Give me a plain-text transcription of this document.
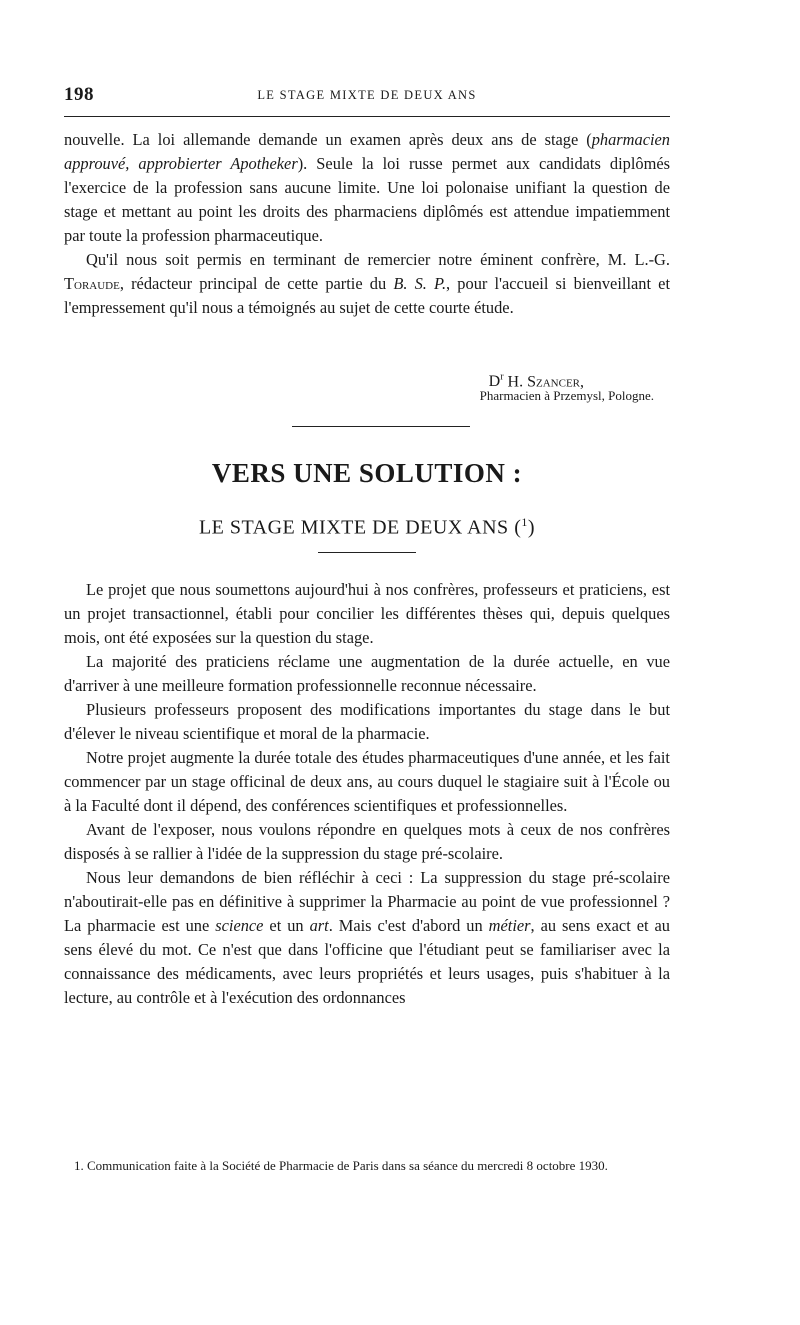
198	LE STAGE MIXTE DE DEUX ANS

nouvelle. La loi allemande demande un examen après deux ans de stage (pharmacien approuvé, approbierter Apotheker). Seule la loi russe permet aux candidats diplômés l'exercice de la profession sans aucune limite. Une loi polonaise unifiant la question de stage et mettant au point les droits des pharmaciens diplômés est attendue impatiemment par toute la profession pharmaceutique.

Qu'il nous soit permis en terminant de remercier notre éminent confrère, M. L.-G. Toraude, rédacteur principal de cette partie du B. S. P., pour l'accueil si bienveillant et l'empressement qu'il nous a témoignés au sujet de cette courte étude.

$D^r$ H. Szancer,
Pharmacien à Przemysl, Pologne.
VERS UNE SOLUTION :
LE STAGE MIXTE DE DEUX ANS ($^1$)

Le projet que nous soumettons aujourd'hui à nos confrères, professeurs et praticiens, est un projet transactionnel, établi pour concilier les différentes thèses qui, depuis quelques mois, ont été exposées sur la question du stage.

La majorité des praticiens réclame une augmentation de la durée actuelle, en vue d'arriver à une meilleure formation professionnelle reconnue nécessaire.

Plusieurs professeurs proposent des modifications importantes du stage dans le but d'élever le niveau scientifique et moral de la pharmacie.

Notre projet augmente la durée totale des études pharmaceutiques d'une année, et les fait commencer par un stage officinal de deux ans, au cours duquel le stagiaire suit à l'École ou à la Faculté dont il dépend, des conférences scientifiques et professionnelles.

Avant de l'exposer, nous voulons répondre en quelques mots à ceux de nos confrères disposés à se rallier à l'idée de la suppression du stage pré-scolaire.

Nous leur demandons de bien réfléchir à ceci : La suppression du stage pré-scolaire n'aboutirait-elle pas en définitive à supprimer la Pharmacie au point de vue professionnel ? La pharmacie est une science et un art. Mais c'est d'abord un métier, au sens exact et au sens élevé du mot. Ce n'est que dans l'officine que l'étudiant peut se familiariser avec la connaissance des médicaments, avec leurs propriétés et leurs usages, puis s'habituer à la lecture, au contrôle et à l'exécution des ordonnances

1. Communication faite à la Société de Pharmacie de Paris dans sa séance du mercredi 8 octobre 1930.
